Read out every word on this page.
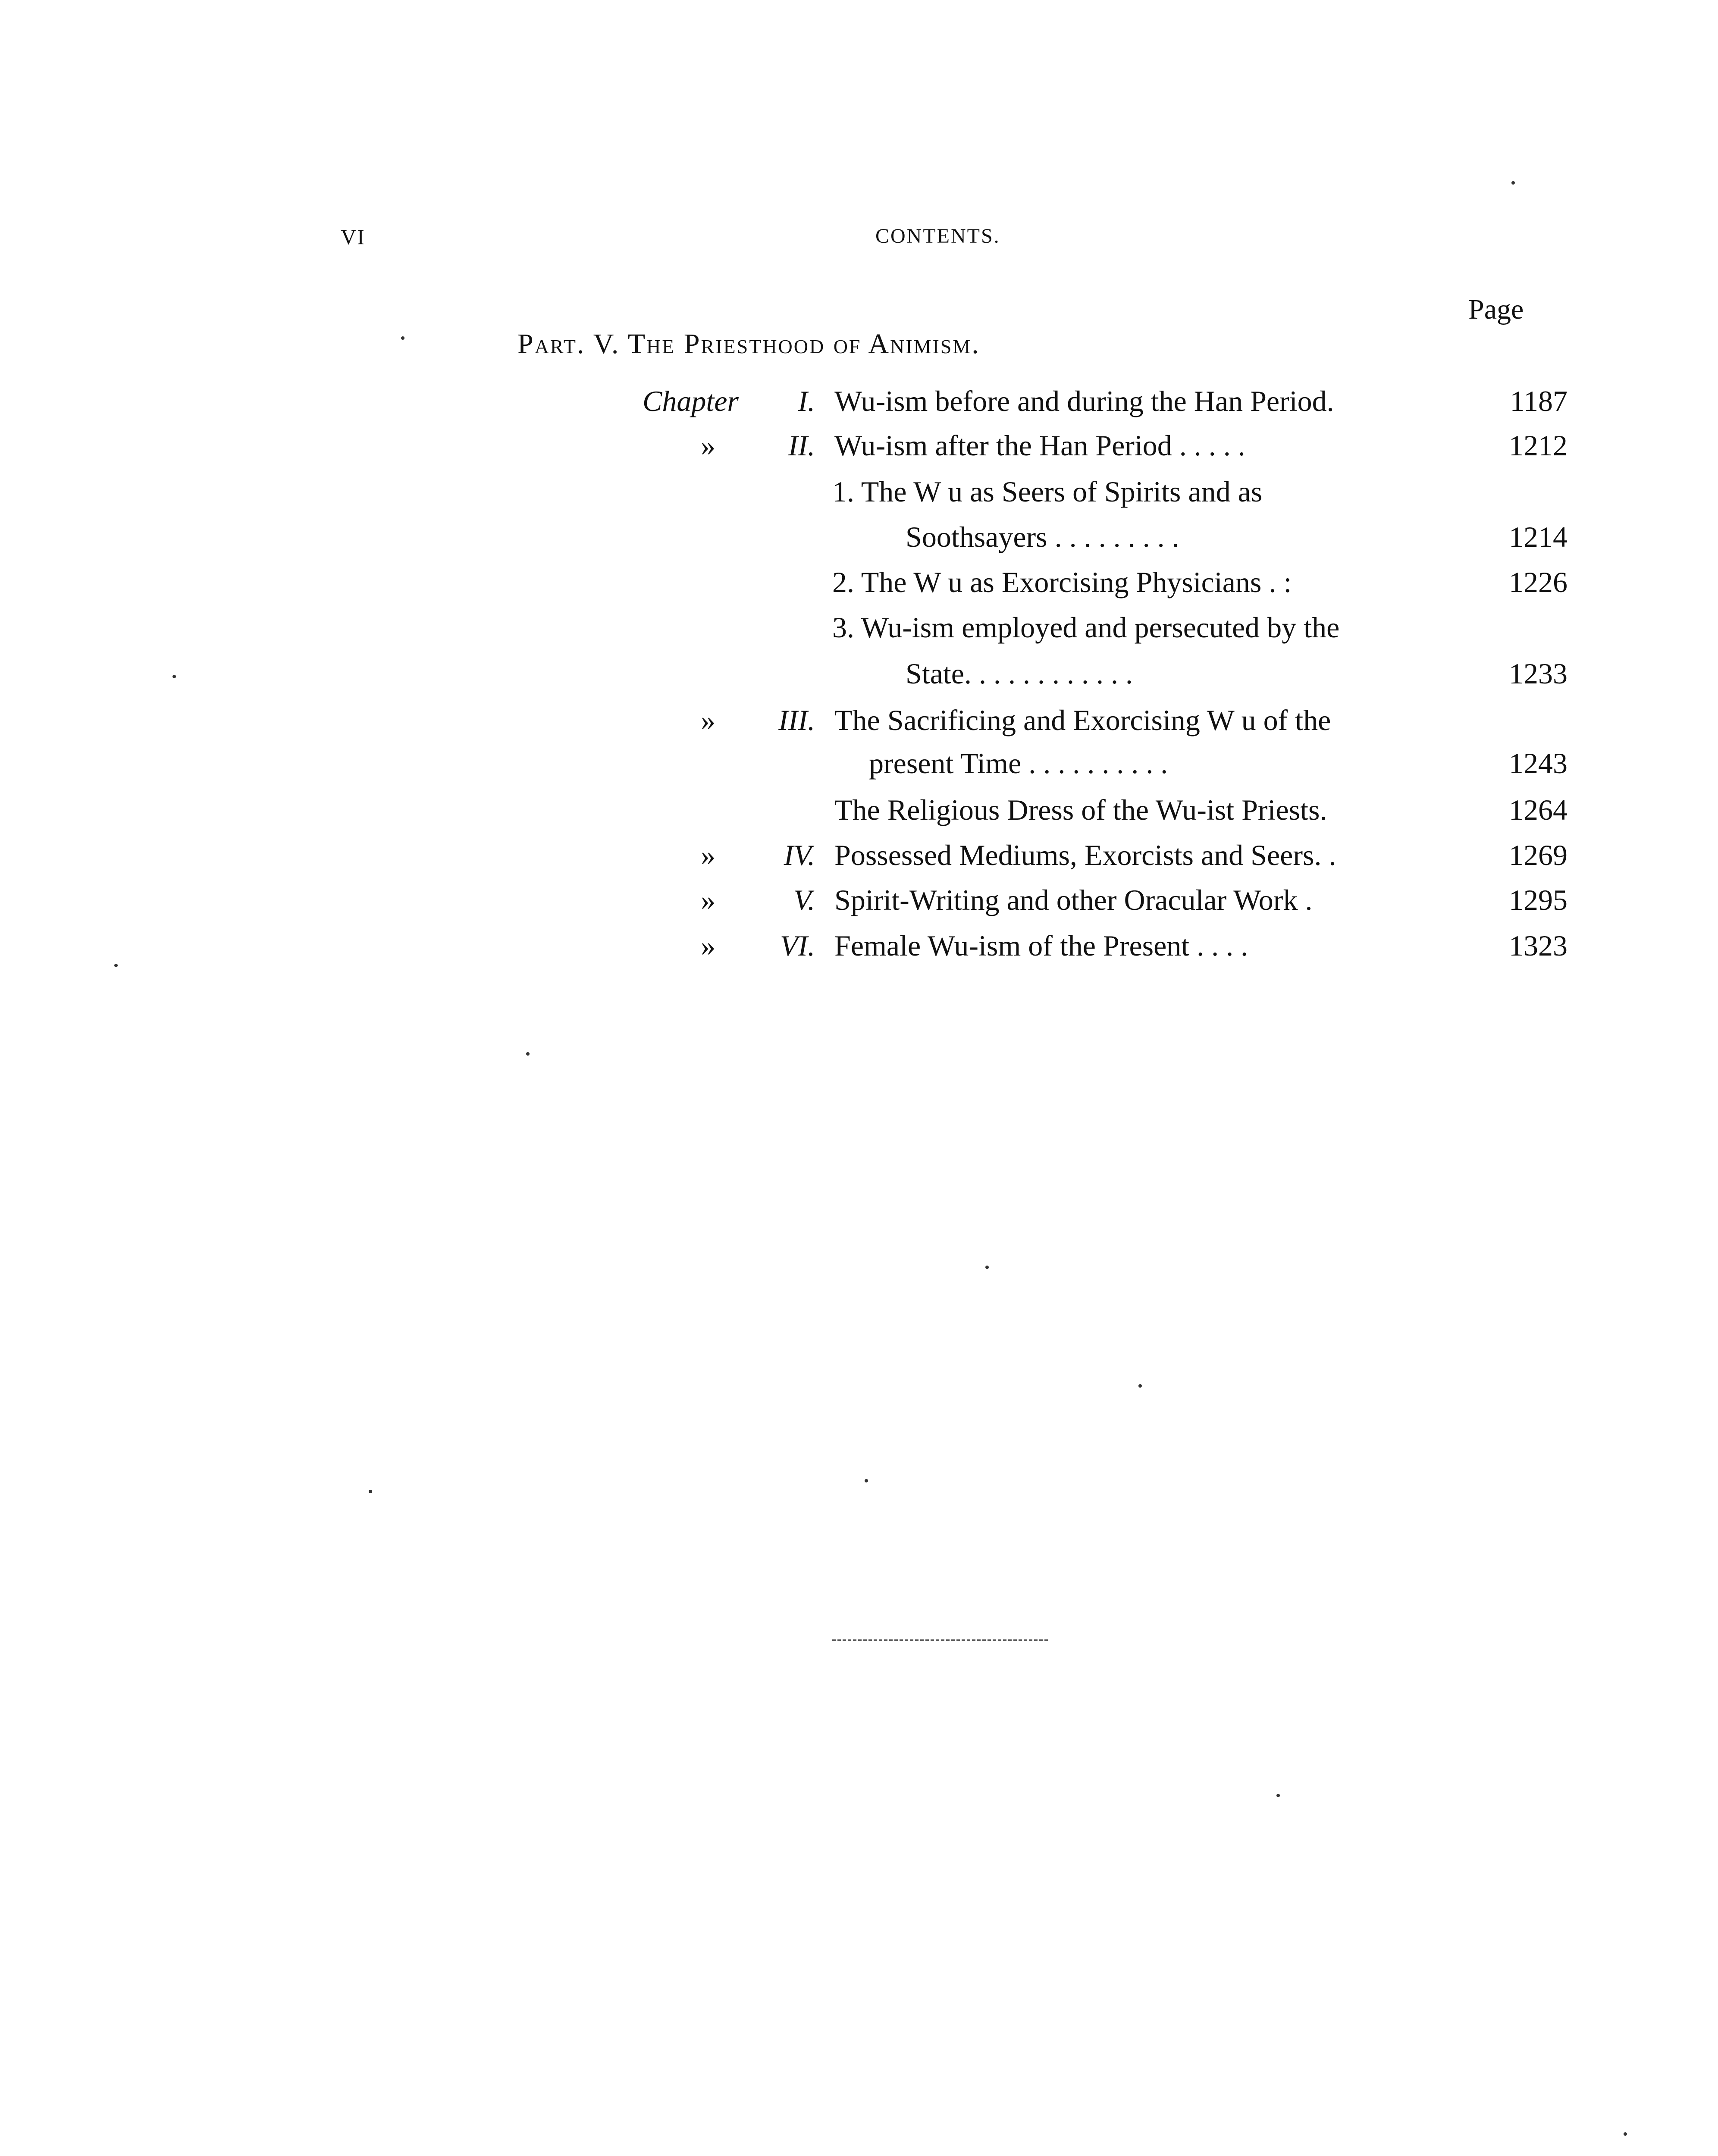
VI	CONTENTS.
Page
Part. V. The Priesthood of Animism.
Chapter	I. Wu-ism before and during the Han Period.	1187
»	II. Wu-ism after the Han Period . . . . .	1212
1. The W u as Seers of Spirits and as
Soothsayers . . . . . . . . .	1214
2. The W u as Exorcising Physicians . :	1226
3. Wu-ism employed and persecuted by the
State. . . . . . . . . . . .	1233
»	III. The Sacrificing and Exorcising W u of the
present Time . . . . . . . . . .	1243
The Religious Dress of the Wu-ist Priests.	1264
»	IV. Possessed Mediums, Exorcists and Seers. .	1269
»	V. Spirit-Writing and other Oracular Work .	1295
»	VI. Female Wu-ism of the Present . . . .	1323
